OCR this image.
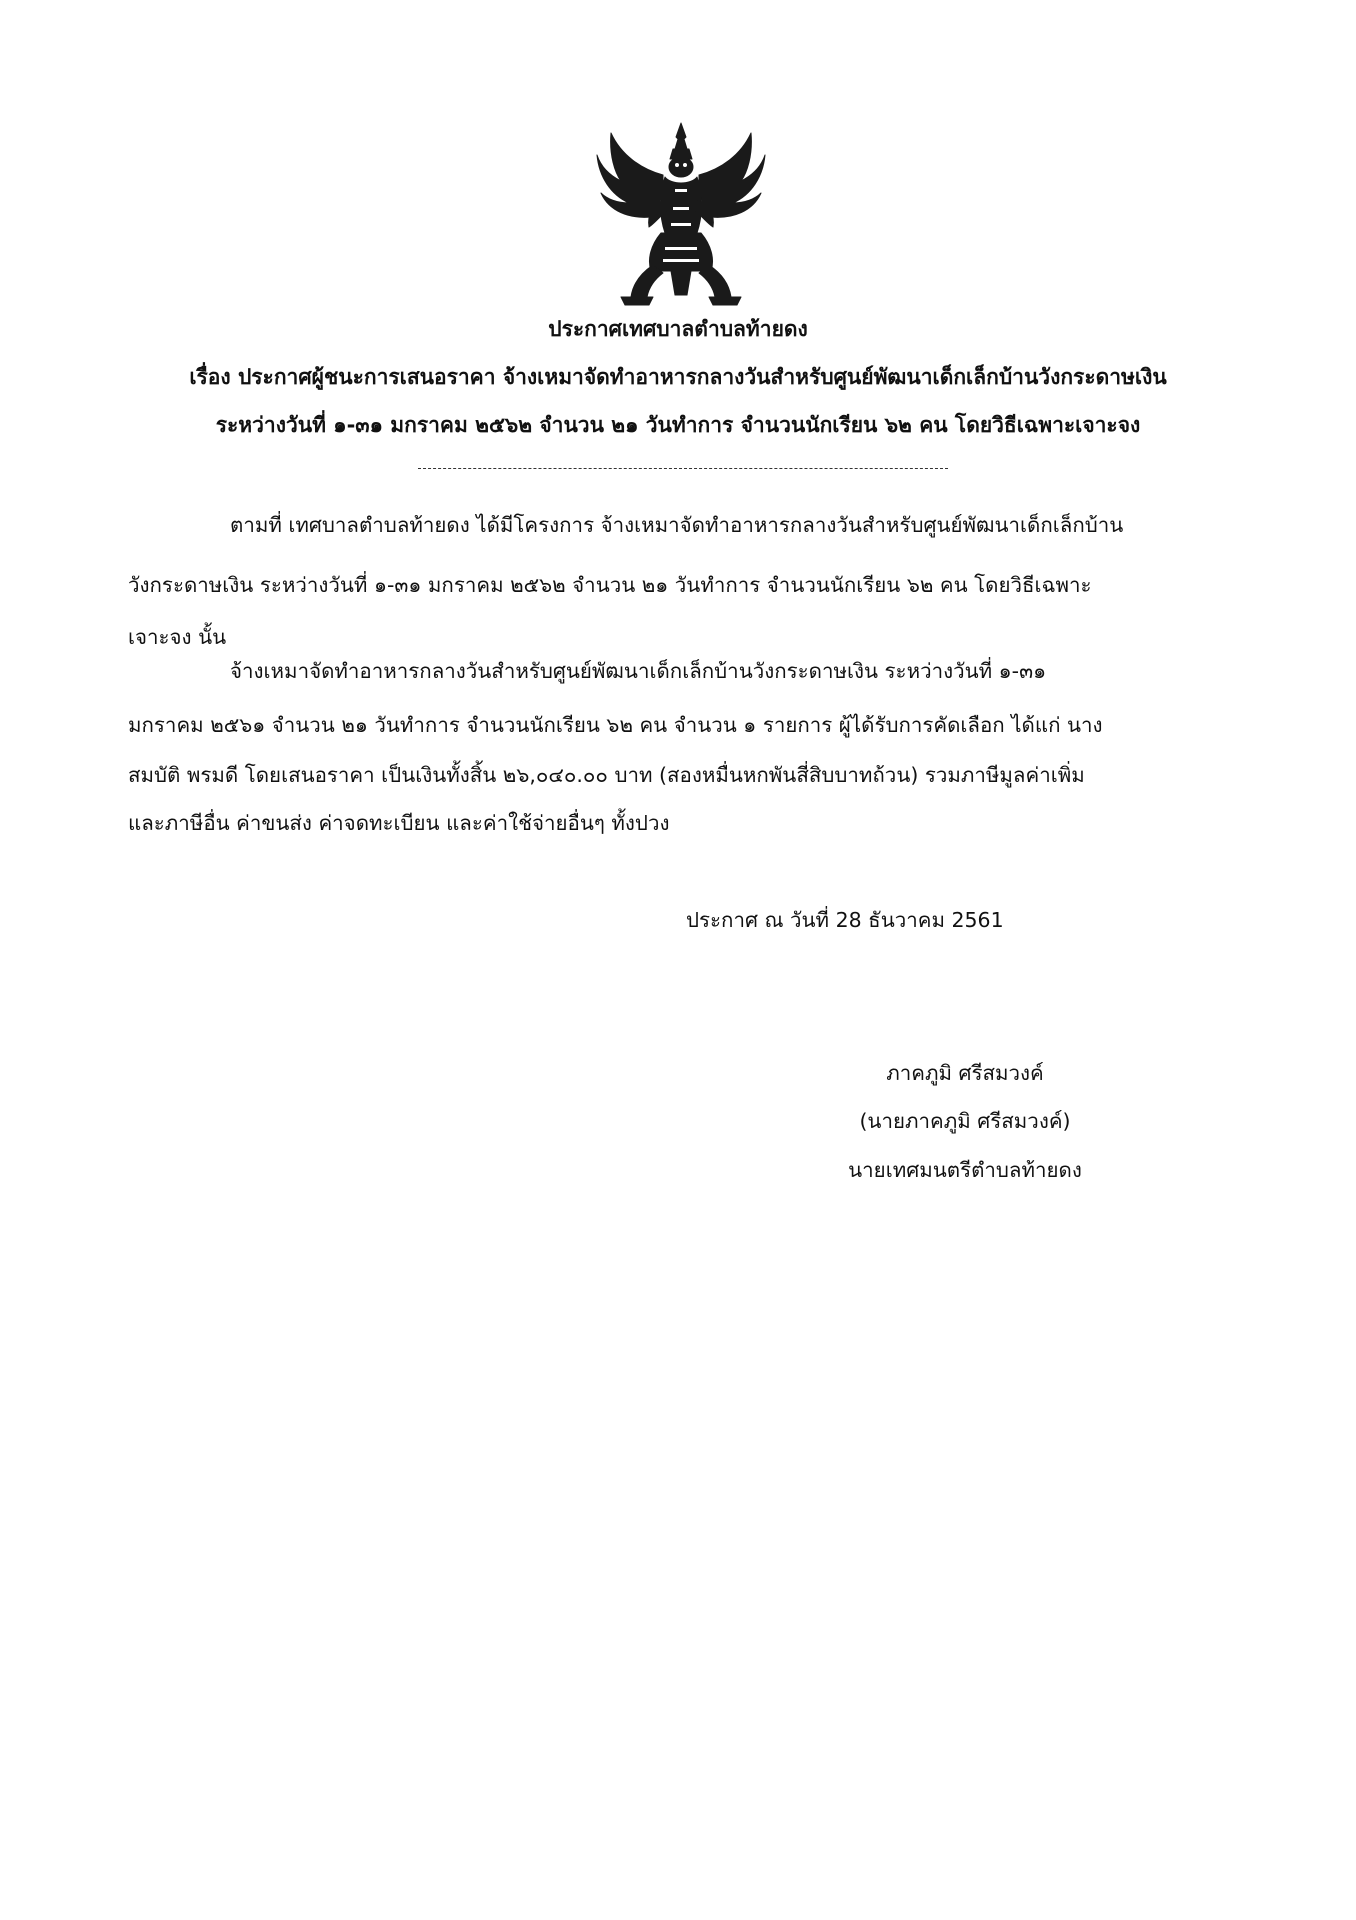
ประกาศเทศบาลตำบลท้ายดง
เรื่อง ประกาศผู้ชนะการเสนอราคา จ้างเหมาจัดทำอาหารกลางวันสำหรับศูนย์พัฒนาเด็กเล็กบ้านวังกระดาษเงิน
ระหว่างวันที่ ๑-๓๑ มกราคม ๒๕๖๒ จำนวน ๒๑ วันทำการ จำนวนนักเรียน ๖๒ คน โดยวิธีเฉพาะเจาะจง
ตามที่ เทศบาลตำบลท้ายดง ได้มีโครงการ จ้างเหมาจัดทำอาหารกลางวันสำหรับศูนย์พัฒนาเด็กเล็กบ้าน
วังกระดาษเงิน ระหว่างวันที่ ๑-๓๑ มกราคม ๒๕๖๒ จำนวน ๒๑ วันทำการ จำนวนนักเรียน ๖๒ คน โดยวิธีเฉพาะ
เจาะจง นั้น
จ้างเหมาจัดทำอาหารกลางวันสำหรับศูนย์พัฒนาเด็กเล็กบ้านวังกระดาษเงิน ระหว่างวันที่ ๑-๓๑
มกราคม ๒๕๖๑ จำนวน ๒๑ วันทำการ จำนวนนักเรียน ๖๒ คน จำนวน ๑ รายการ ผู้ได้รับการคัดเลือก ได้แก่ นาง
สมบัติ พรมดี โดยเสนอราคา เป็นเงินทั้งสิ้น ๒๖,๐๔๐.๐๐ บาท (สองหมื่นหกพันสี่สิบบาทถ้วน) รวมภาษีมูลค่าเพิ่ม
และภาษีอื่น ค่าขนส่ง ค่าจดทะเบียน และค่าใช้จ่ายอื่นๆ ทั้งปวง
ประกาศ ณ วันที่ 28 ธันวาคม 2561
ภาคภูมิ ศรีสมวงค์
(นายภาคภูมิ ศรีสมวงค์)
นายเทศมนตรีตำบลท้ายดง
